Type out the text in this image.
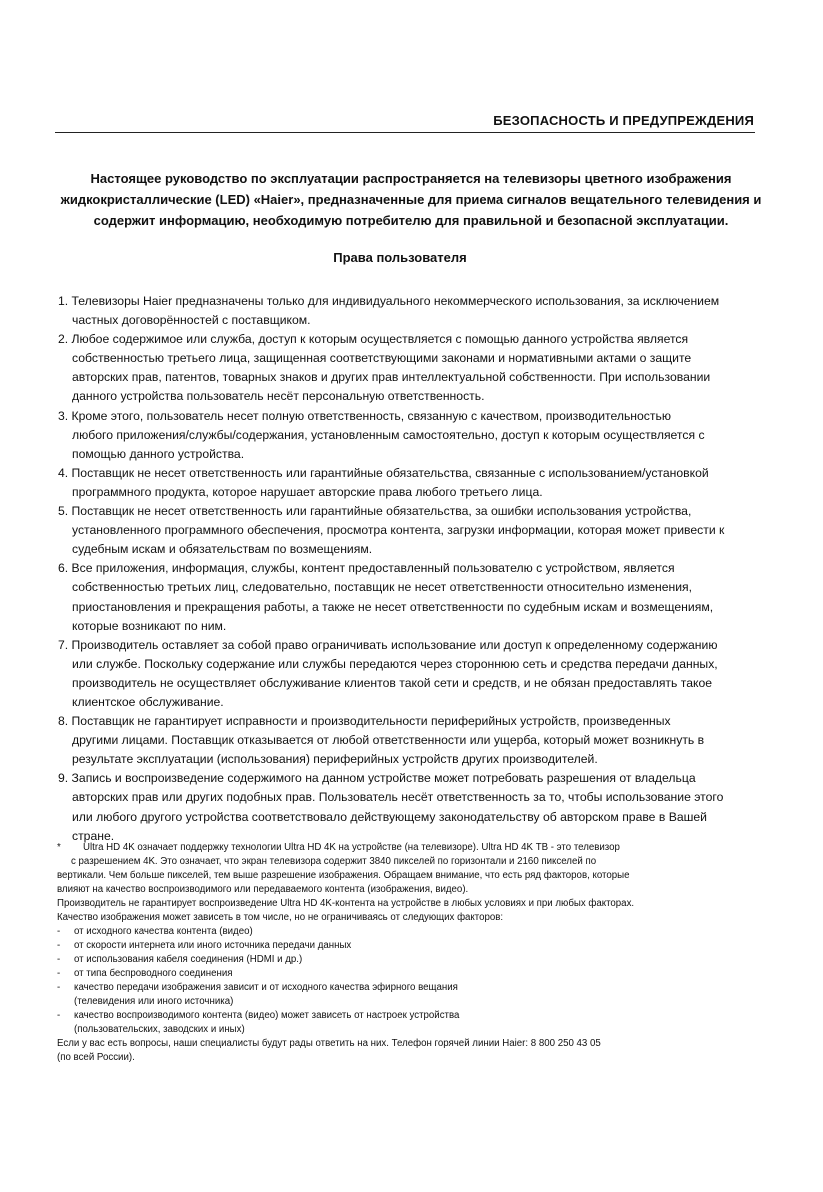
БЕЗОПАСНОСТЬ И ПРЕДУПРЕЖДЕНИЯ
Настоящее руководство по эксплуатации распространяется на телевизоры цветного изображения
жидкокристаллические (LED) «Haier», предназначенные для приема сигналов вещательного телевидения и
содержит информацию, необходимую потребителю для правильной и безопасной эксплуатации.
Права пользователя
1. Телевизоры Haier предназначены только для индивидуального некоммерческого использования, за исключением
частных договорённостей с поставщиком.
2. Любое содержимое или служба, доступ к которым осуществляется с помощью данного устройства является
собственностью третьего лица, защищенная соответствующими законами и нормативными актами о защите
авторских прав, патентов, товарных знаков и других прав интеллектуальной собственности. При использовании
данного устройства пользователь несёт персональную ответственность.
3. Кроме этого, пользователь несет полную ответственность, связанную с качеством, производительностью
любого приложения/службы/содержания, установленным самостоятельно, доступ к которым осуществляется с
помощью данного устройства.
4. Поставщик не несет ответственность или гарантийные обязательства, связанные с использованием/установкой
программного продукта, которое нарушает авторские права любого третьего лица.
5. Поставщик не несет ответственность или гарантийные обязательства, за ошибки использования устройства,
установленного программного обеспечения, просмотра контента, загрузки информации, которая может привести к
судебным искам и обязательствам по возмещениям.
6. Все приложения, информация, службы, контент предоставленный пользователю с устройством, является
собственностью третьих лиц, следовательно, поставщик не несет ответственности относительно изменения,
приостановления и прекращения работы, а также не несет ответственности по судебным искам и возмещениям,
которые возникают по ним.
7. Производитель оставляет за собой право ограничивать использование или доступ к определенному содержанию
или службе. Поскольку содержание или службы передаются через стороннюю сеть и средства передачи данных,
производитель не осуществляет обслуживание клиентов такой сети и средств, и не обязан предоставлять такое
клиентское обслуживание.
8. Поставщик не гарантирует исправности и производительности периферийных устройств, произведенных
другими лицами. Поставщик отказывается от любой ответственности или ущерба, который может возникнуть в
результате эксплуатации (использования) периферийных устройств других производителей.
9. Запись и воспроизведение содержимого на данном устройстве может потребовать разрешения от владельца
авторских прав или других подобных прав. Пользователь несёт ответственность за то, чтобы использование этого
или любого другого устройства соответствовало действующему законодательству об авторском праве в Вашей
стране.
* Ultra HD 4K означает поддержку технологии Ultra HD 4K на устройстве (на телевизоре). Ultra HD 4K ТВ - это телевизор
с разрешением 4K. Это означает, что экран телевизора содержит 3840 пикселей по горизонтали и 2160 пикселей по
вертикали. Чем больше пикселей, тем выше разрешение изображения. Обращаем внимание, что есть ряд факторов, которые
влияют на качество воспроизводимого или передаваемого контента (изображения, видео).
Производитель не гарантирует воспроизведение Ultra HD 4K-контента на устройстве в любых условиях и при любых факторах.
Качество изображения может зависеть в том числе, но не ограничиваясь от следующих факторов:
- от исходного качества контента (видео)
- от скорости интернета или иного источника передачи данных
- от использования кабеля соединения (HDMI и др.)
- от типа беспроводного соединения
- качество передачи изображения зависит и от исходного качества эфирного вещания
(телевидения или иного источника)
- качество воспроизводимого контента (видео) может зависеть от настроек устройства
(пользовательских, заводских и иных)
Если у вас есть вопросы, наши специалисты будут рады ответить на них. Телефон горячей линии Haier: 8 800 250 43 05
(по всей России).
